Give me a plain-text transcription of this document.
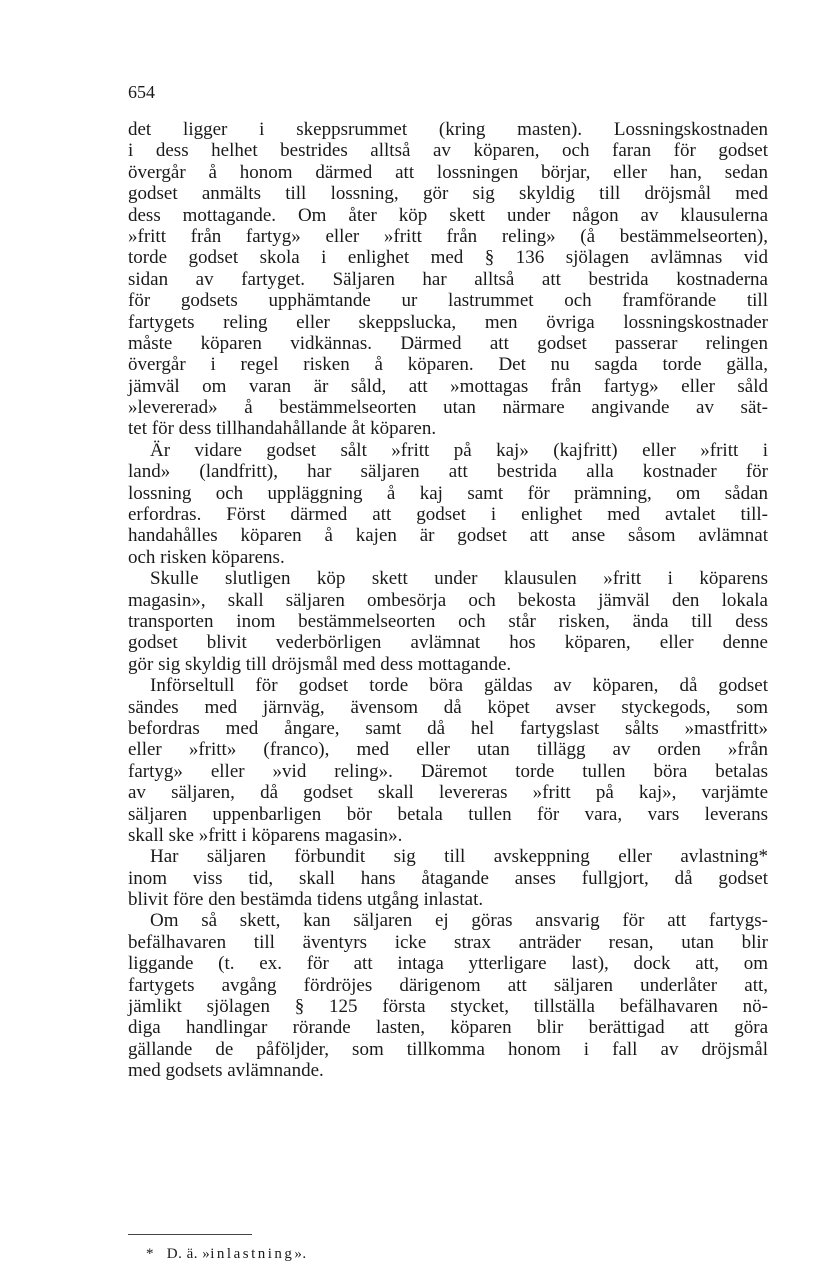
654
det ligger i skeppsrummet (kring masten). Lossningskostnaden
i dess helhet bestrides alltså av köparen, och faran för godset
övergår å honom därmed att lossningen börjar, eller han, sedan
godset anmälts till lossning, gör sig skyldig till dröjsmål med
dess mottagande. Om åter köp skett under någon av klausulerna
»fritt från fartyg» eller »fritt från reling» (å bestämmelseorten),
torde godset skola i enlighet med § 136 sjölagen avlämnas vid
sidan av fartyget. Säljaren har alltså att bestrida kostnaderna
för godsets upphämtande ur lastrummet och framförande till
fartygets reling eller skeppslucka, men övriga lossningskostnader
måste köparen vidkännas. Därmed att godset passerar relingen
övergår i regel risken å köparen. Det nu sagda torde gälla,
jämväl om varan är såld, att »mottagas från fartyg» eller såld
»levererad» å bestämmelseorten utan närmare angivande av sät-
tet för dess tillhandahållande åt köparen.
Är vidare godset sålt »fritt på kaj» (kajfritt) eller »fritt i
land» (landfritt), har säljaren att bestrida alla kostnader för
lossning och uppläggning å kaj samt för prämning, om sådan
erfordras. Först därmed att godset i enlighet med avtalet till-
handahålles köparen å kajen är godset att anse såsom avlämnat
och risken köparens.
Skulle slutligen köp skett under klausulen »fritt i köparens
magasin», skall säljaren ombesörja och bekosta jämväl den lokala
transporten inom bestämmelseorten och står risken, ända till dess
godset blivit vederbörligen avlämnat hos köparen, eller denne
gör sig skyldig till dröjsmål med dess mottagande.
Införseltull för godset torde böra gäldas av köparen, då godset
sändes med järnväg, ävensom då köpet avser styckegods, som
befordras med ångare, samt då hel fartygslast sålts »mastfritt»
eller »fritt» (franco), med eller utan tillägg av orden »från
fartyg» eller »vid reling». Däremot torde tullen böra betalas
av säljaren, då godset skall levereras »fritt på kaj», varjämte
säljaren uppenbarligen bör betala tullen för vara, vars leverans
skall ske »fritt i köparens magasin».
Har säljaren förbundit sig till avskeppning eller avlastning*
inom viss tid, skall hans åtagande anses fullgjort, då godset
blivit före den bestämda tidens utgång inlastat.
Om så skett, kan säljaren ej göras ansvarig för att fartygs-
befälhavaren till äventyrs icke strax anträder resan, utan blir
liggande (t. ex. för att intaga ytterligare last), dock att, om
fartygets avgång fördröjes därigenom att säljaren underlåter att,
jämlikt sjölagen § 125 första stycket, tillställa befälhavaren nö-
diga handlingar rörande lasten, köparen blir berättigad att göra
gällande de påföljder, som tillkomma honom i fall av dröjsmål
med godsets avlämnande.
* D. ä. »inlastning».
